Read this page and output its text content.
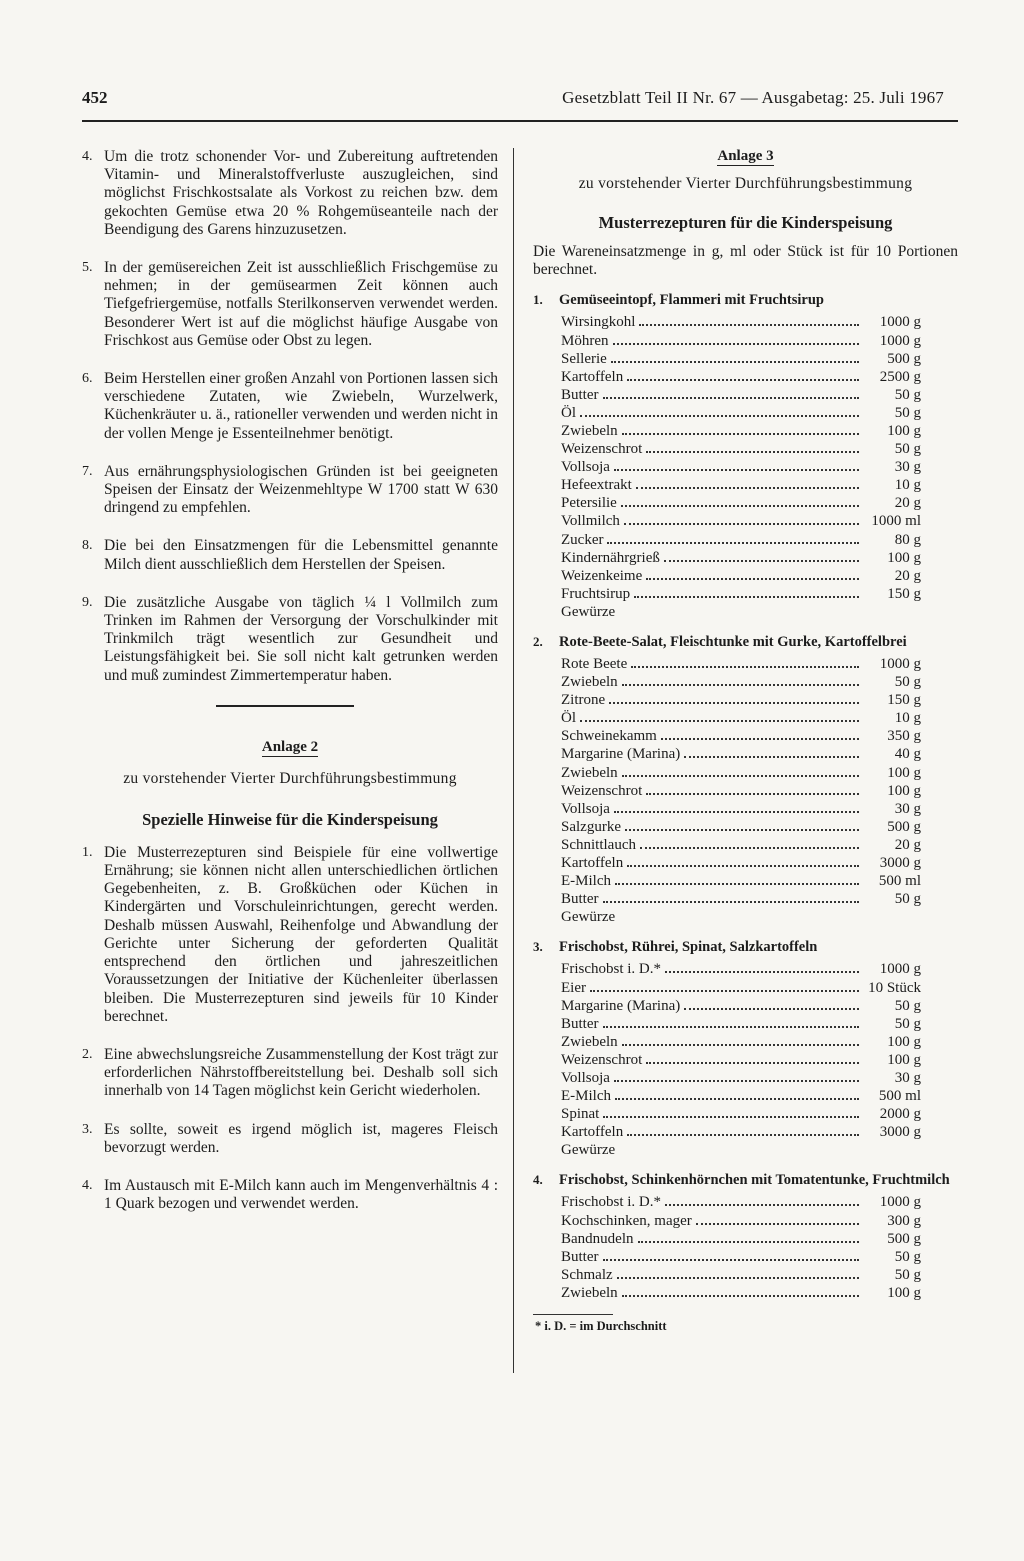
452	Gesetzblatt Teil II Nr. 67 — Ausgabetag: 25. Juli 1967
4. Um die trotz schonender Vor- und Zubereitung auftretenden Vitamin- und Mineralstoffverluste auszugleichen, sind möglichst Frischkostsalate als Vorkost zu reichen bzw. dem gekochten Gemüse etwa 20 % Rohgemüseanteile nach der Beendigung des Garens hinzuzusetzen.
5. In der gemüsereichen Zeit ist ausschließlich Frischgemüse zu nehmen; in der gemüsearmen Zeit können auch Tiefgefriergemüse, notfalls Sterilkonserven verwendet werden. Besonderer Wert ist auf die möglichst häufige Ausgabe von Frischkost aus Gemüse oder Obst zu legen.
6. Beim Herstellen einer großen Anzahl von Portionen lassen sich verschiedene Zutaten, wie Zwiebeln, Wurzelwerk, Küchenkräuter u. ä., rationeller verwenden und werden nicht in der vollen Menge je Essenteilnehmer benötigt.
7. Aus ernährungsphysiologischen Gründen ist bei geeigneten Speisen der Einsatz der Weizenmehltype W 1700 statt W 630 dringend zu empfehlen.
8. Die bei den Einsatzmengen für die Lebensmittel genannte Milch dient ausschließlich dem Herstellen der Speisen.
9. Die zusätzliche Ausgabe von täglich ¼ l Vollmilch zum Trinken im Rahmen der Versorgung der Vorschulkinder mit Trinkmilch trägt wesentlich zur Gesundheit und Leistungsfähigkeit bei. Sie soll nicht kalt getrunken werden und muß zumindest Zimmertemperatur haben.
Anlage 2
zu vorstehender Vierter Durchführungsbestimmung
Spezielle Hinweise für die Kinderspeisung
1. Die Musterrezepturen sind Beispiele für eine vollwertige Ernährung; sie können nicht allen unterschiedlichen örtlichen Gegebenheiten, z. B. Großküchen oder Küchen in Kindergärten und Vorschuleinrichtungen, gerecht werden. Deshalb müssen Auswahl, Reihenfolge und Abwandlung der Gerichte unter Sicherung der geforderten Qualität entsprechend den örtlichen und jahreszeitlichen Voraussetzungen der Initiative der Küchenleiter überlassen bleiben. Die Musterrezepturen sind jeweils für 10 Kinder berechnet.
2. Eine abwechslungsreiche Zusammenstellung der Kost trägt zur erforderlichen Nährstoffbereitstellung bei. Deshalb soll sich innerhalb von 14 Tagen möglichst kein Gericht wiederholen.
3. Es sollte, soweit es irgend möglich ist, mageres Fleisch bevorzugt werden.
4. Im Austausch mit E-Milch kann auch im Mengenverhältnis 4 : 1 Quark bezogen und verwendet werden.
Anlage 3
zu vorstehender Vierter Durchführungsbestimmung
Musterrezepturen für die Kinderspeisung
Die Wareneinsatzmenge in g, ml oder Stück ist für 10 Portionen berechnet.
1.	Gemüseeintopf, Flammeri mit Fruchtsirup
Wirsingkohl	1000 g
Möhren	1000 g
Sellerie	500 g
Kartoffeln	2500 g
Butter	50 g
Öl	50 g
Zwiebeln	100 g
Weizenschrot	50 g
Vollsoja	30 g
Hefeextrakt	10 g
Petersilie	20 g
Vollmilch	1000 ml
Zucker	80 g
Kindernährgrieß	100 g
Weizenkeime	20 g
Fruchtsirup	150 g
Gewürze
2.	Rote-Beete-Salat, Fleischtunke mit Gurke, Kartoffelbrei
Rote Beete	1000 g
Zwiebeln	50 g
Zitrone	150 g
Öl	10 g
Schweinekamm	350 g
Margarine (Marina)	40 g
Zwiebeln	100 g
Weizenschrot	100 g
Vollsoja	30 g
Salzgurke	500 g
Schnittlauch	20 g
Kartoffeln	3000 g
E-Milch	500 ml
Butter	50 g
Gewürze
3.	Frischobst, Rührei, Spinat, Salzkartoffeln
Frischobst i. D.*	1000 g
Eier	10 Stück
Margarine (Marina)	50 g
Butter	50 g
Zwiebeln	100 g
Weizenschrot	100 g
Vollsoja	30 g
E-Milch	500 ml
Spinat	2000 g
Kartoffeln	3000 g
Gewürze
4.	Frischobst, Schinkenhörnchen mit Tomatentunke, Fruchtmilch
Frischobst i. D.*	1000 g
Kochschinken, mager	300 g
Bandnudeln	500 g
Butter	50 g
Schmalz	50 g
Zwiebeln	100 g
* i. D. = im Durchschnitt
